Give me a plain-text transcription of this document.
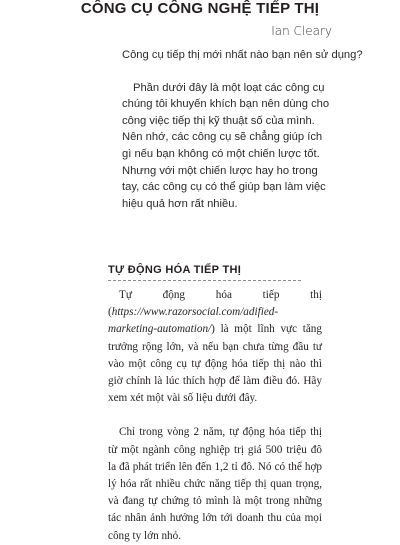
CÔNG CỤ CÔNG NGHỆ TIẾP THỊ
Ian Cleary

Công cụ tiếp thị mới nhất nào bạn nên sử dụng?

Phần dưới đây là một loạt các công cụ chúng tôi khuyến khích bạn nên dùng cho công việc tiếp thị kỹ thuật số của mình. Nên nhớ, các công cụ sẽ chẳng giúp ích gì nếu bạn không có một chiến lược tốt. Nhưng với một chiến lược hay ho trong tay, các công cụ có thể giúp bạn làm việc hiệu quả hơn rất nhiều.

TỰ ĐỘNG HÓA TIẾP THỊ

Tự động hóa tiếp thị (https://www.razorsocial.com/adified-marketing-automation/) là một lĩnh vực tăng trưởng rộng lớn, và nếu bạn chưa từng đầu tư vào một công cụ tự động hóa tiếp thị nào thì giờ chính là lúc thích hợp để làm điều đó. Hãy xem xét một vài số liệu dưới đây.

Chỉ trong vòng 2 năm, tự động hóa tiếp thị từ một ngành công nghiệp trị giá 500 triệu đô la đã phát triển lên đến 1,2 tỉ đô. Nó có thể hợp lý hóa rất nhiều chức năng tiếp thị quan trọng, và đang tự chứng tỏ mình là một trong những tác nhân ảnh hưởng lớn tới doanh thu của mọi công ty lớn nhỏ.
